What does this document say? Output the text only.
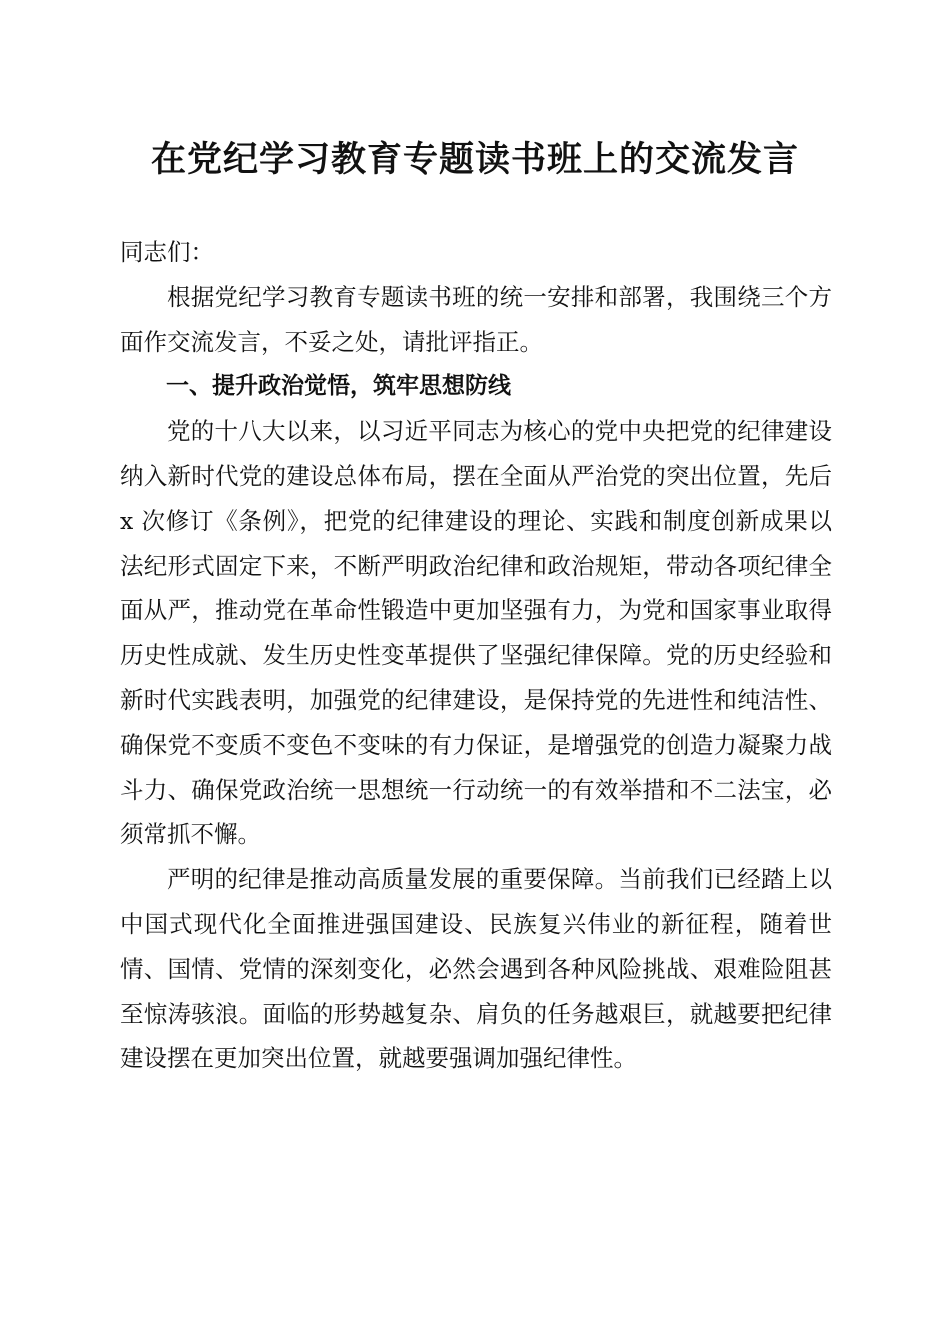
在党纪学习教育专题读书班上的交流发言

同志们：

根据党纪学习教育专题读书班的统一安排和部署，我围绕三个方面作交流发言，不妥之处，请批评指正。

一、提升政治觉悟，筑牢思想防线

党的十八大以来，以习近平同志为核心的党中央把党的纪律建设纳入新时代党的建设总体布局，摆在全面从严治党的突出位置，先后 x 次修订《条例》，把党的纪律建设的理论、实践和制度创新成果以法纪形式固定下来，不断严明政治纪律和政治规矩，带动各项纪律全面从严，推动党在革命性锻造中更加坚强有力，为党和国家事业取得历史性成就、发生历史性变革提供了坚强纪律保障。党的历史经验和新时代实践表明，加强党的纪律建设，是保持党的先进性和纯洁性、确保党不变质不变色不变味的有力保证，是增强党的创造力凝聚力战斗力、确保党政治统一思想统一行动统一的有效举措和不二法宝，必须常抓不懈。

严明的纪律是推动高质量发展的重要保障。当前我们已经踏上以中国式现代化全面推进强国建设、民族复兴伟业的新征程，随着世情、国情、党情的深刻变化，必然会遇到各种风险挑战、艰难险阻甚至惊涛骇浪。面临的形势越复杂、肩负的任务越艰巨，就越要把纪律建设摆在更加突出位置，就越要强调加强纪律性。
